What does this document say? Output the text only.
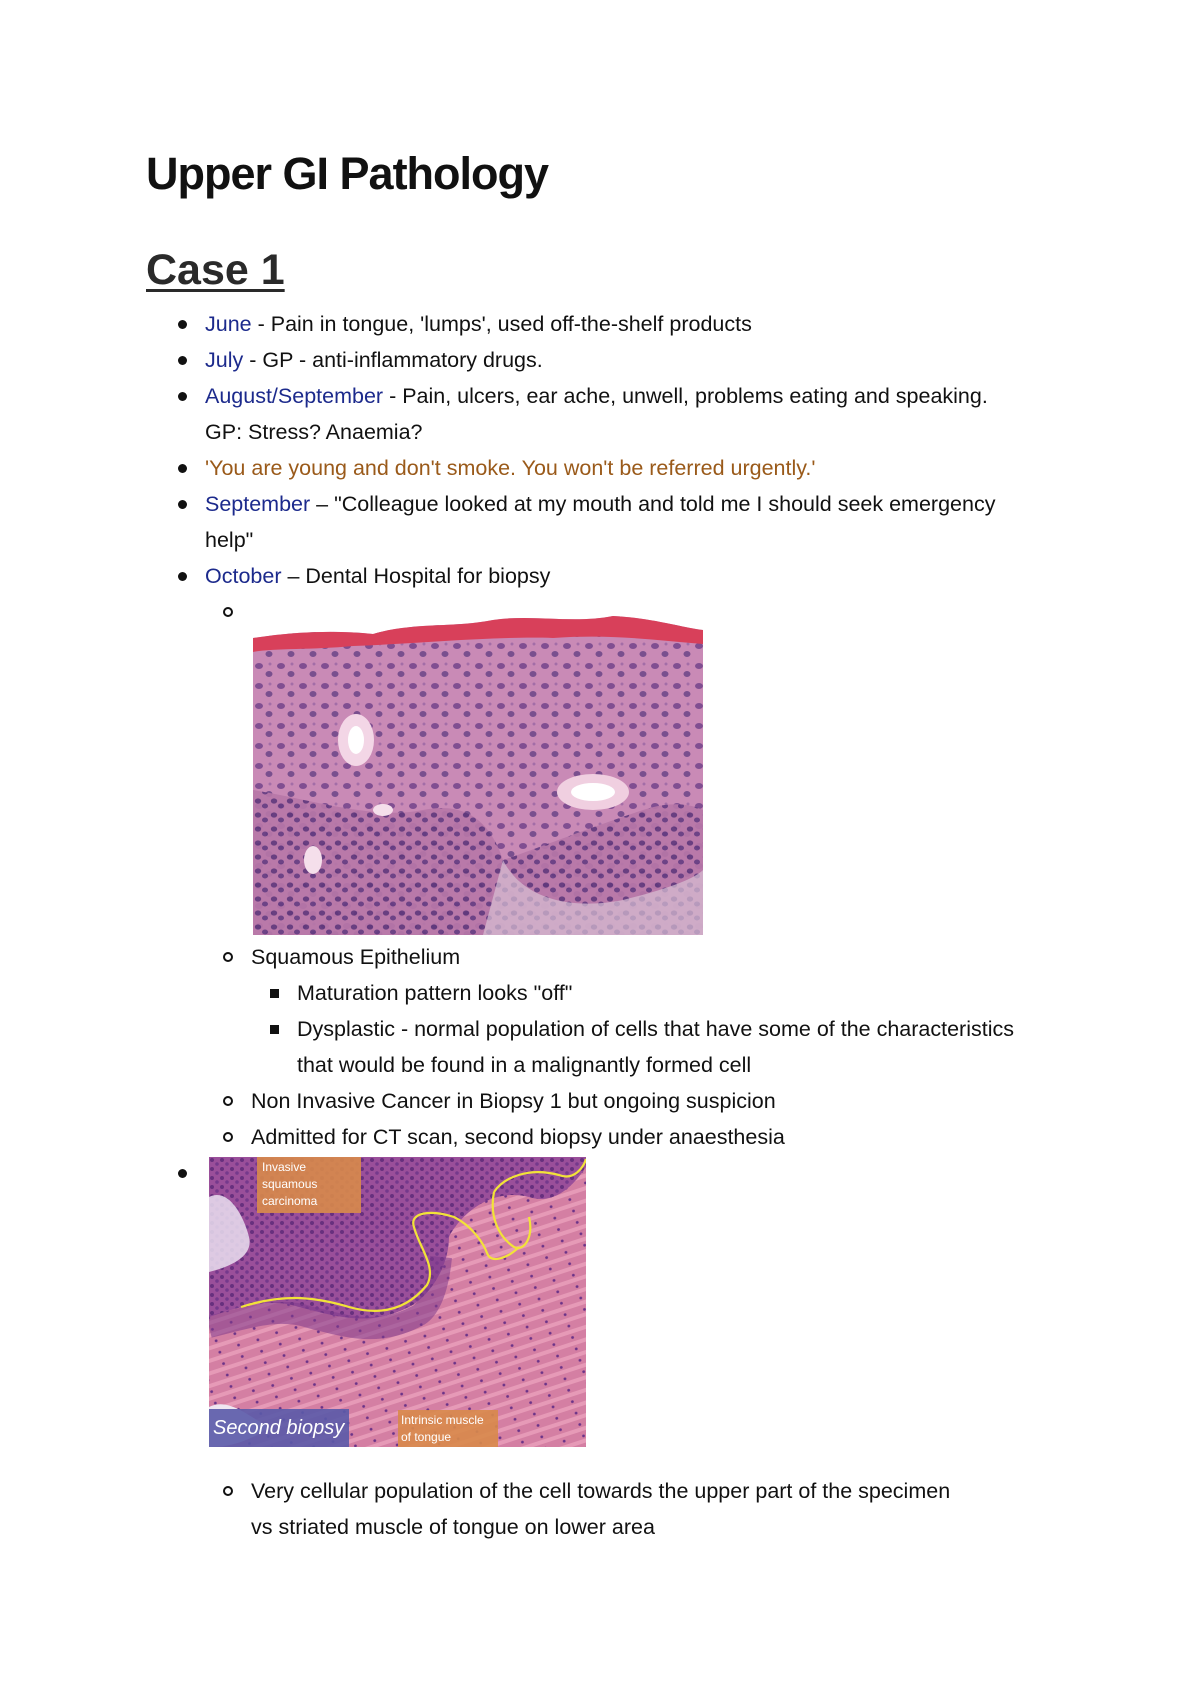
Upper GI Pathology
Case 1
June - Pain in tongue, 'lumps', used off-the-shelf products
July - GP - anti-inflammatory drugs.
August/September - Pain, ulcers, ear ache, unwell, problems eating and speaking. GP: Stress? Anaemia?
'You are young and don't smoke. You won't be referred urgently.'
September – "Colleague looked at my mouth and told me I should seek emergency help"
October – Dental Hospital for biopsy
Squamous Epithelium
Maturation pattern looks "off"
Dysplastic - normal population of cells that have some of the characteristics that would be found in a malignantly formed cell
Non Invasive Cancer in Biopsy 1 but ongoing suspicion
Admitted for CT scan, second biopsy under anaesthesia
Invasive squamous carcinoma
Second biopsy	Intrinsic muscle of tongue
Very cellular population of the cell towards the upper part of the specimen vs striated muscle of tongue on lower area
